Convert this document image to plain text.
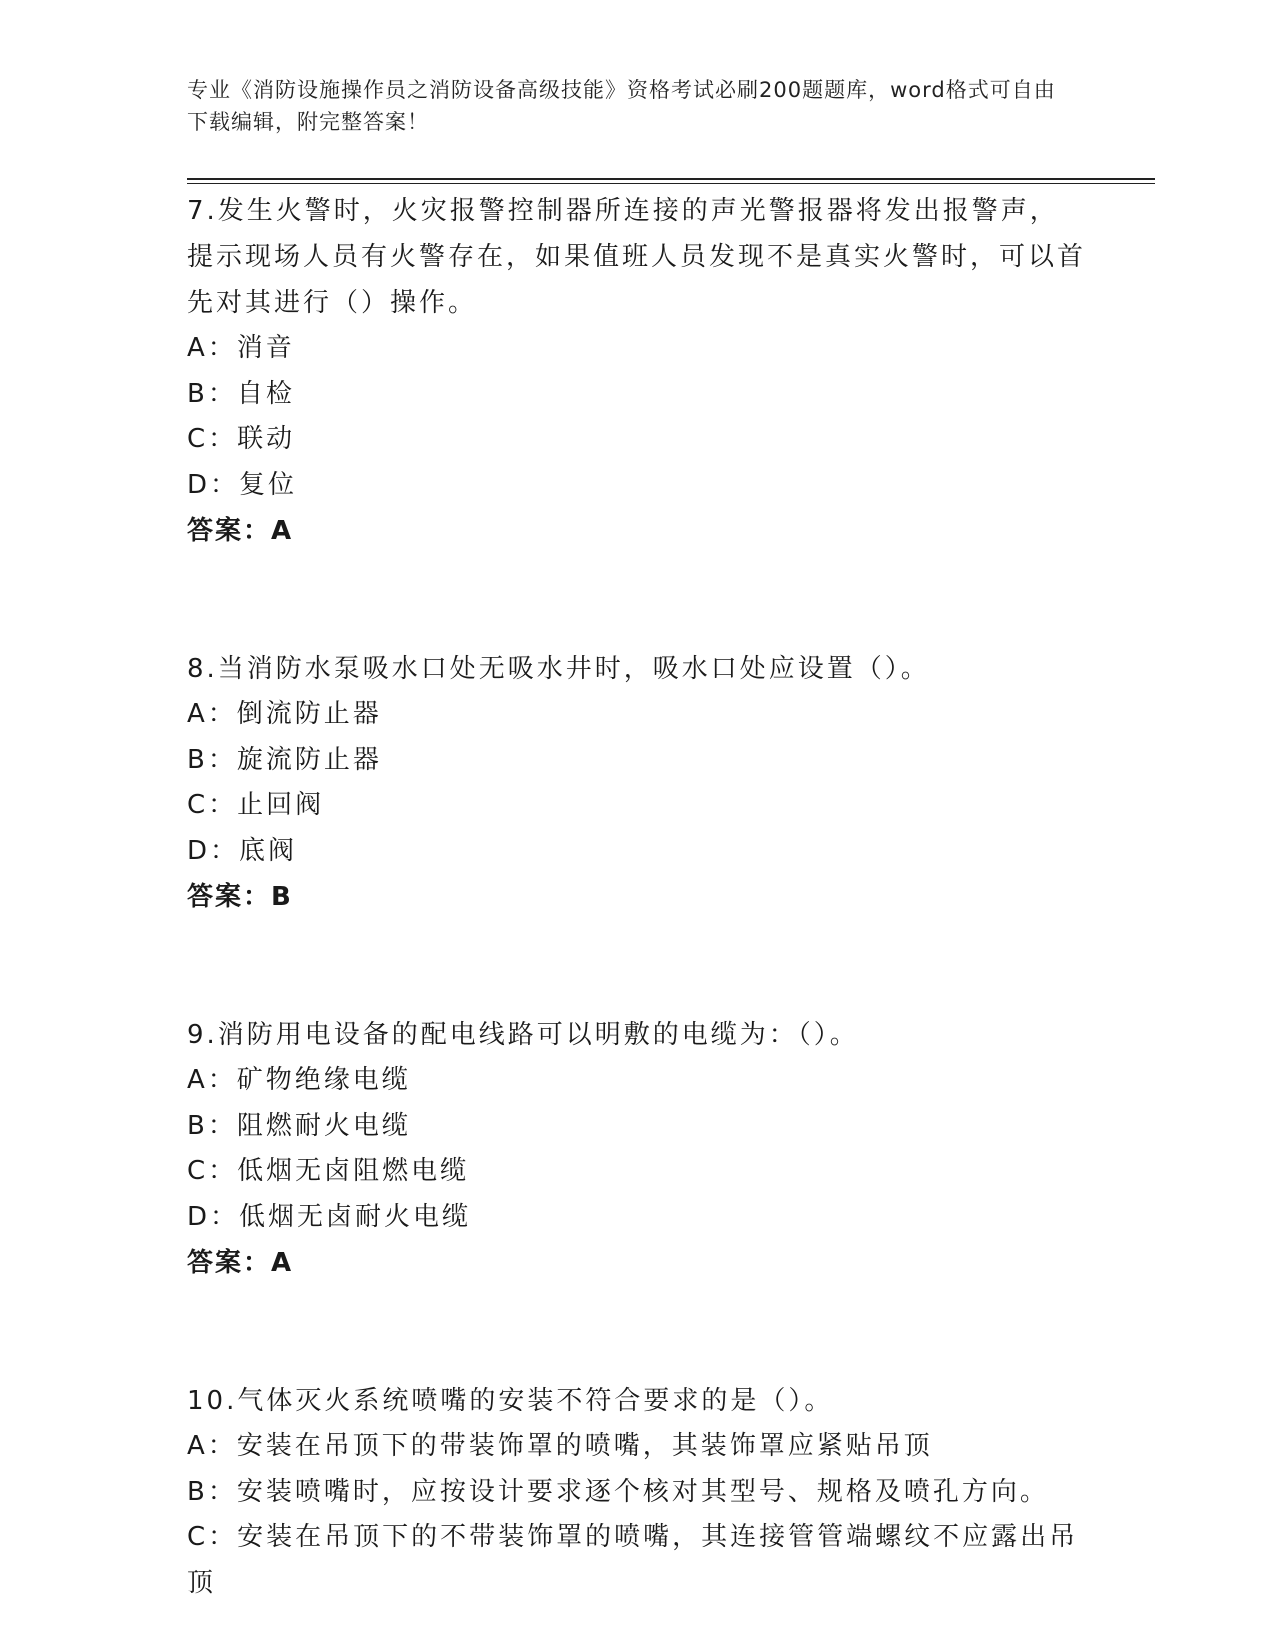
专业《消防设施操作员之消防设备高级技能》资格考试必刷200题题库，word格式可自由下载编辑，附完整答案！

7.发生火警时，火灾报警控制器所连接的声光警报器将发出报警声，提示现场人员有火警存在，如果值班人员发现不是真实火警时，可以首先对其进行（）操作。

A：消音

B：自检

C：联动

D：复位

答案：A

8.当消防水泵吸水口处无吸水井时，吸水口处应设置（）。

A：倒流防止器

B：旋流防止器

C：止回阀

D：底阀

答案：B

9.消防用电设备的配电线路可以明敷的电缆为：（）。

A：矿物绝缘电缆

B：阻燃耐火电缆

C：低烟无卤阻燃电缆

D：低烟无卤耐火电缆

答案：A

10.气体灭火系统喷嘴的安装不符合要求的是（）。

A：安装在吊顶下的带装饰罩的喷嘴，其装饰罩应紧贴吊顶

B：安装喷嘴时，应按设计要求逐个核对其型号、规格及喷孔方向。

C：安装在吊顶下的不带装饰罩的喷嘴，其连接管管端螺纹不应露出吊顶
